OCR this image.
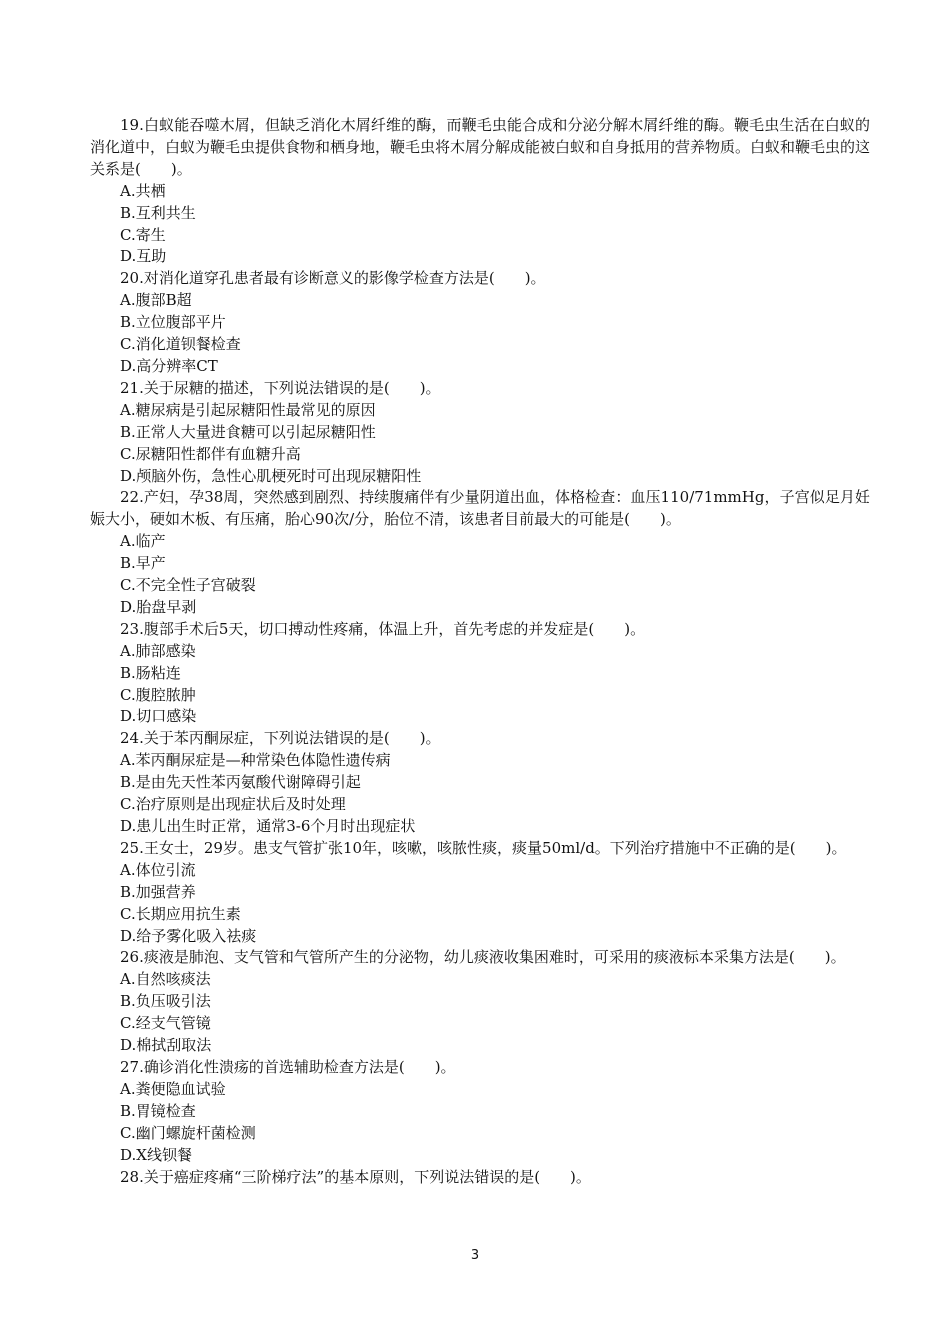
19.白蚁能吞噬木屑，但缺乏消化木屑纤维的酶，而鞭毛虫能合成和分泌分解木屑纤维的酶。鞭毛虫生活在白蚁的消化道中，白蚁为鞭毛虫提供食物和栖身地，鞭毛虫将木屑分解成能被白蚁和自身抵用的营养物质。白蚁和鞭毛虫的这关系是(　　)。

A.共栖

B.互利共生

C.寄生

D.互助

20.对消化道穿孔患者最有诊断意义的影像学检查方法是(　　)。

A.腹部B超

B.立位腹部平片

C.消化道钡餐检查

D.高分辨率CT

21.关于尿糖的描述，下列说法错误的是(　　)。

A.糖尿病是引起尿糖阳性最常见的原因

B.正常人大量进食糖可以引起尿糖阳性

C.尿糖阳性都伴有血糖升高

D.颅脑外伤，急性心肌梗死时可出现尿糖阳性

22.产妇，孕38周，突然感到剧烈、持续腹痛伴有少量阴道出血，体格检查：血压110/71mmHg，子宫似足月妊娠大小，硬如木板、有压痛，胎心90次/分，胎位不清，该患者目前最大的可能是(　　)。

A.临产

B.早产

C.不完全性子宫破裂

D.胎盘早剥

23.腹部手术后5天，切口搏动性疼痛，体温上升，首先考虑的并发症是(　　)。

A.肺部感染

B.肠粘连

C.腹腔脓肿

D.切口感染

24.关于苯丙酮尿症，下列说法错误的是(　　)。

A.苯丙酮尿症是—种常染色体隐性遗传病

B.是由先天性苯丙氨酸代谢障碍引起

C.治疗原则是出现症状后及时处理

D.患儿出生时正常，通常3-6个月时出现症状

25.王女士，29岁。患支气管扩张10年，咳嗽，咳脓性痰，痰量50ml/d。下列治疗措施中不正确的是(　　)。

A.体位引流

B.加强营养

C.长期应用抗生素

D.给予雾化吸入祛痰

26.痰液是肺泡、支气管和气管所产生的分泌物，幼儿痰液收集困难时，可采用的痰液标本采集方法是(　　)。

A.自然咳痰法

B.负压吸引法

C.经支气管镜

D.棉拭刮取法

27.确诊消化性溃疡的首选辅助检查方法是(　　)。

A.粪便隐血试验

B.胃镜检查

C.幽门螺旋杆菌检测

D.X线钡餐

28.关于癌症疼痛“三阶梯疗法”的基本原则，下列说法错误的是(　　)。

3
